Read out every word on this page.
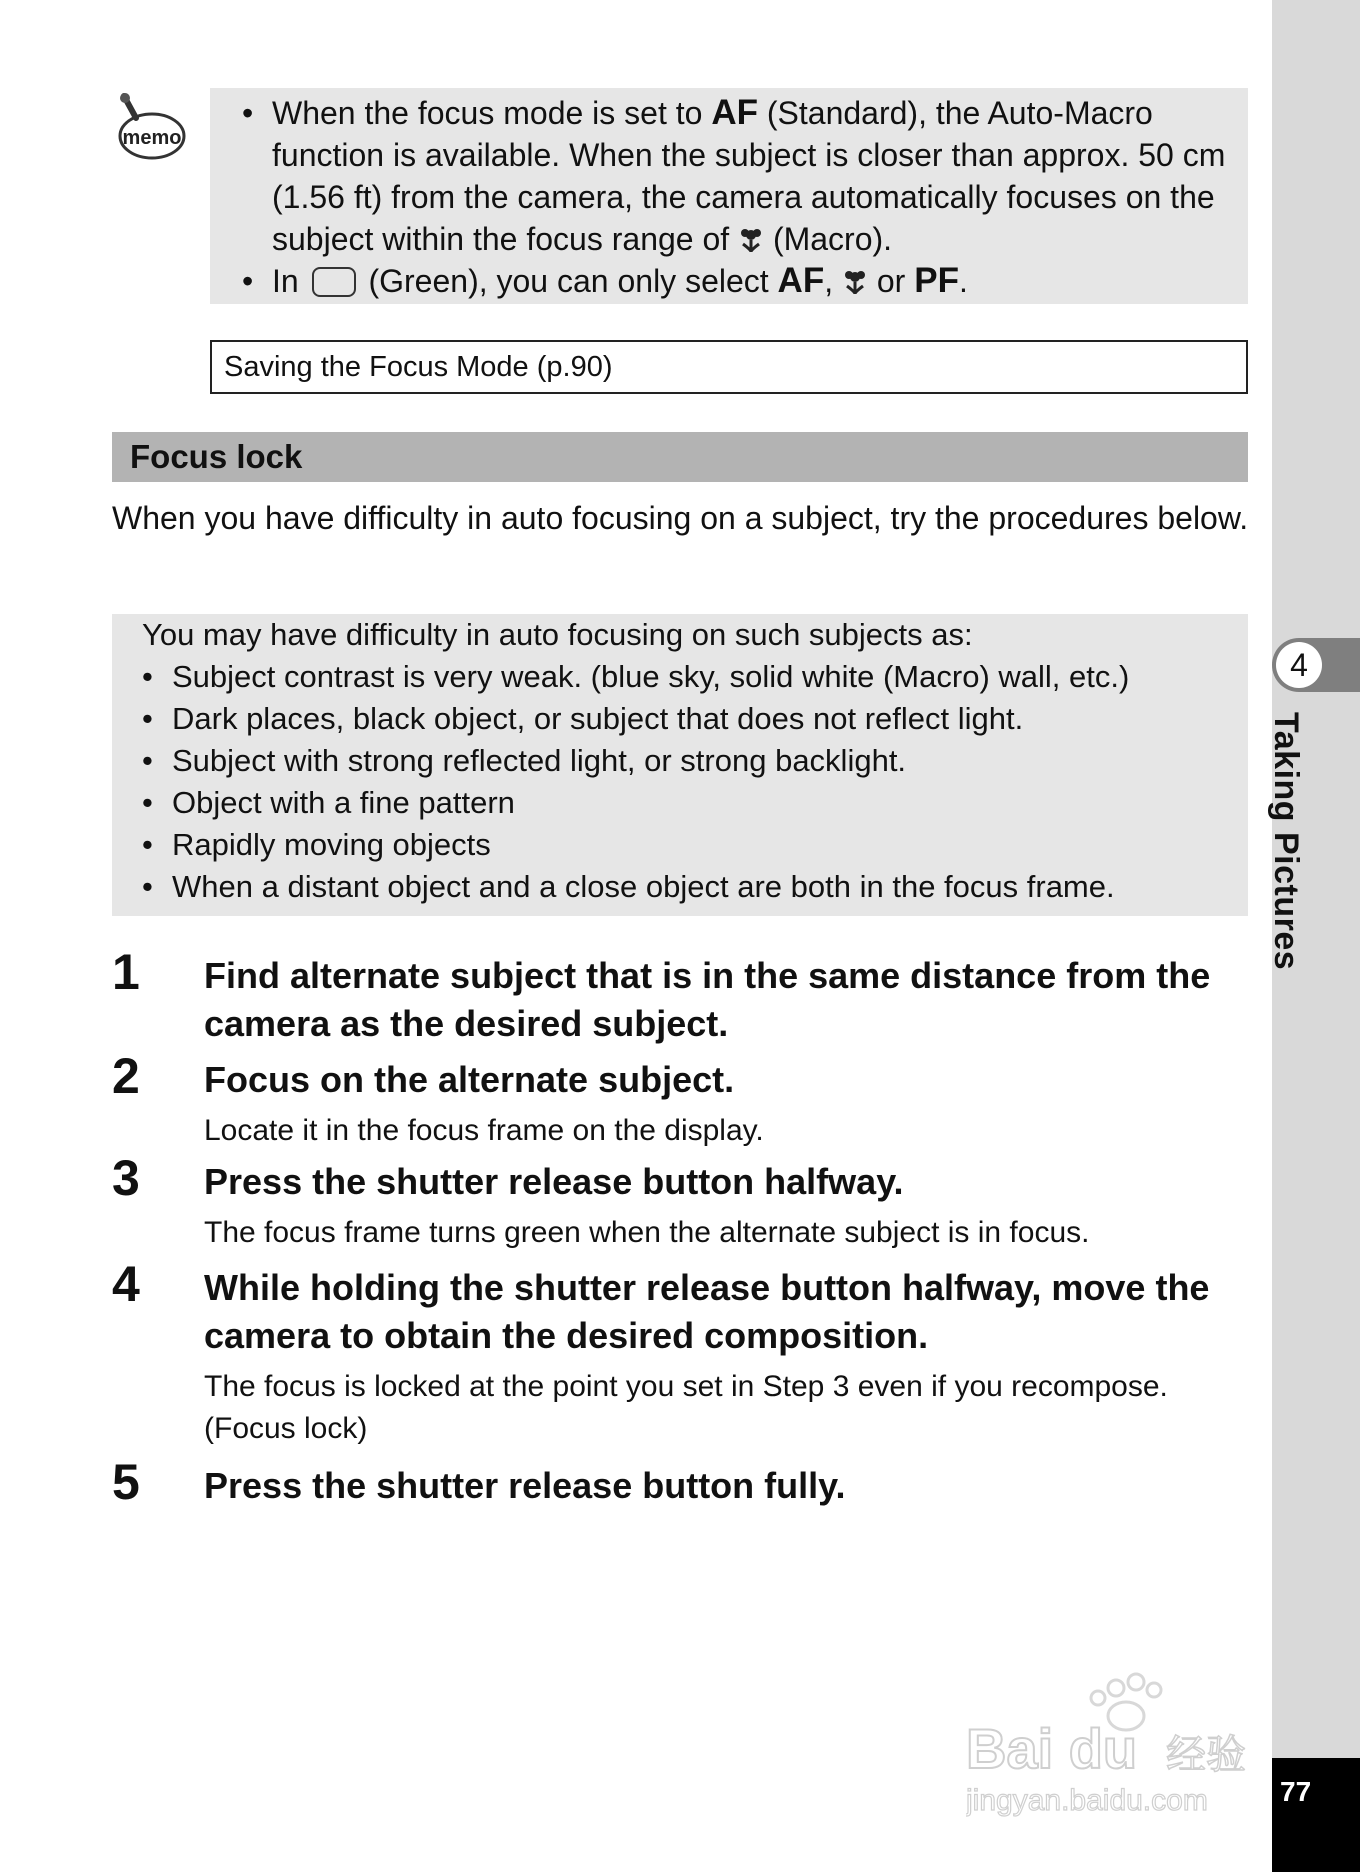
4
Taking Pictures
77
memo
• When the focus mode is set to AF (Standard), the Auto-Macro function is available. When the subject is closer than approx. 50 cm (1.56 ft) from the camera, the camera automatically focuses on the subject within the focus range of  (Macro).
• In  (Green), you can only select AF,  or PF.
Saving the Focus Mode (p.90)
Focus lock
When you have difficulty in auto focusing on a subject, try the procedures below.
You may have difficulty in auto focusing on such subjects as:
• Subject contrast is very weak. (blue sky, solid white (Macro) wall, etc.)
• Dark places, black object, or subject that does not reflect light.
• Subject with strong reflected light, or strong backlight.
• Object with a fine pattern
• Rapidly moving objects
• When a distant object and a close object are both in the focus frame.
1 Find alternate subject that is in the same distance from the camera as the desired subject.
2 Focus on the alternate subject.
Locate it in the focus frame on the display.
3 Press the shutter release button halfway.
The focus frame turns green when the alternate subject is in focus.
4 While holding the shutter release button halfway, move the camera to obtain the desired composition.
The focus is locked at the point you set in Step 3 even if you recompose. (Focus lock)
5 Press the shutter release button fully.
Bai du 经验
jingyan.baidu.com
